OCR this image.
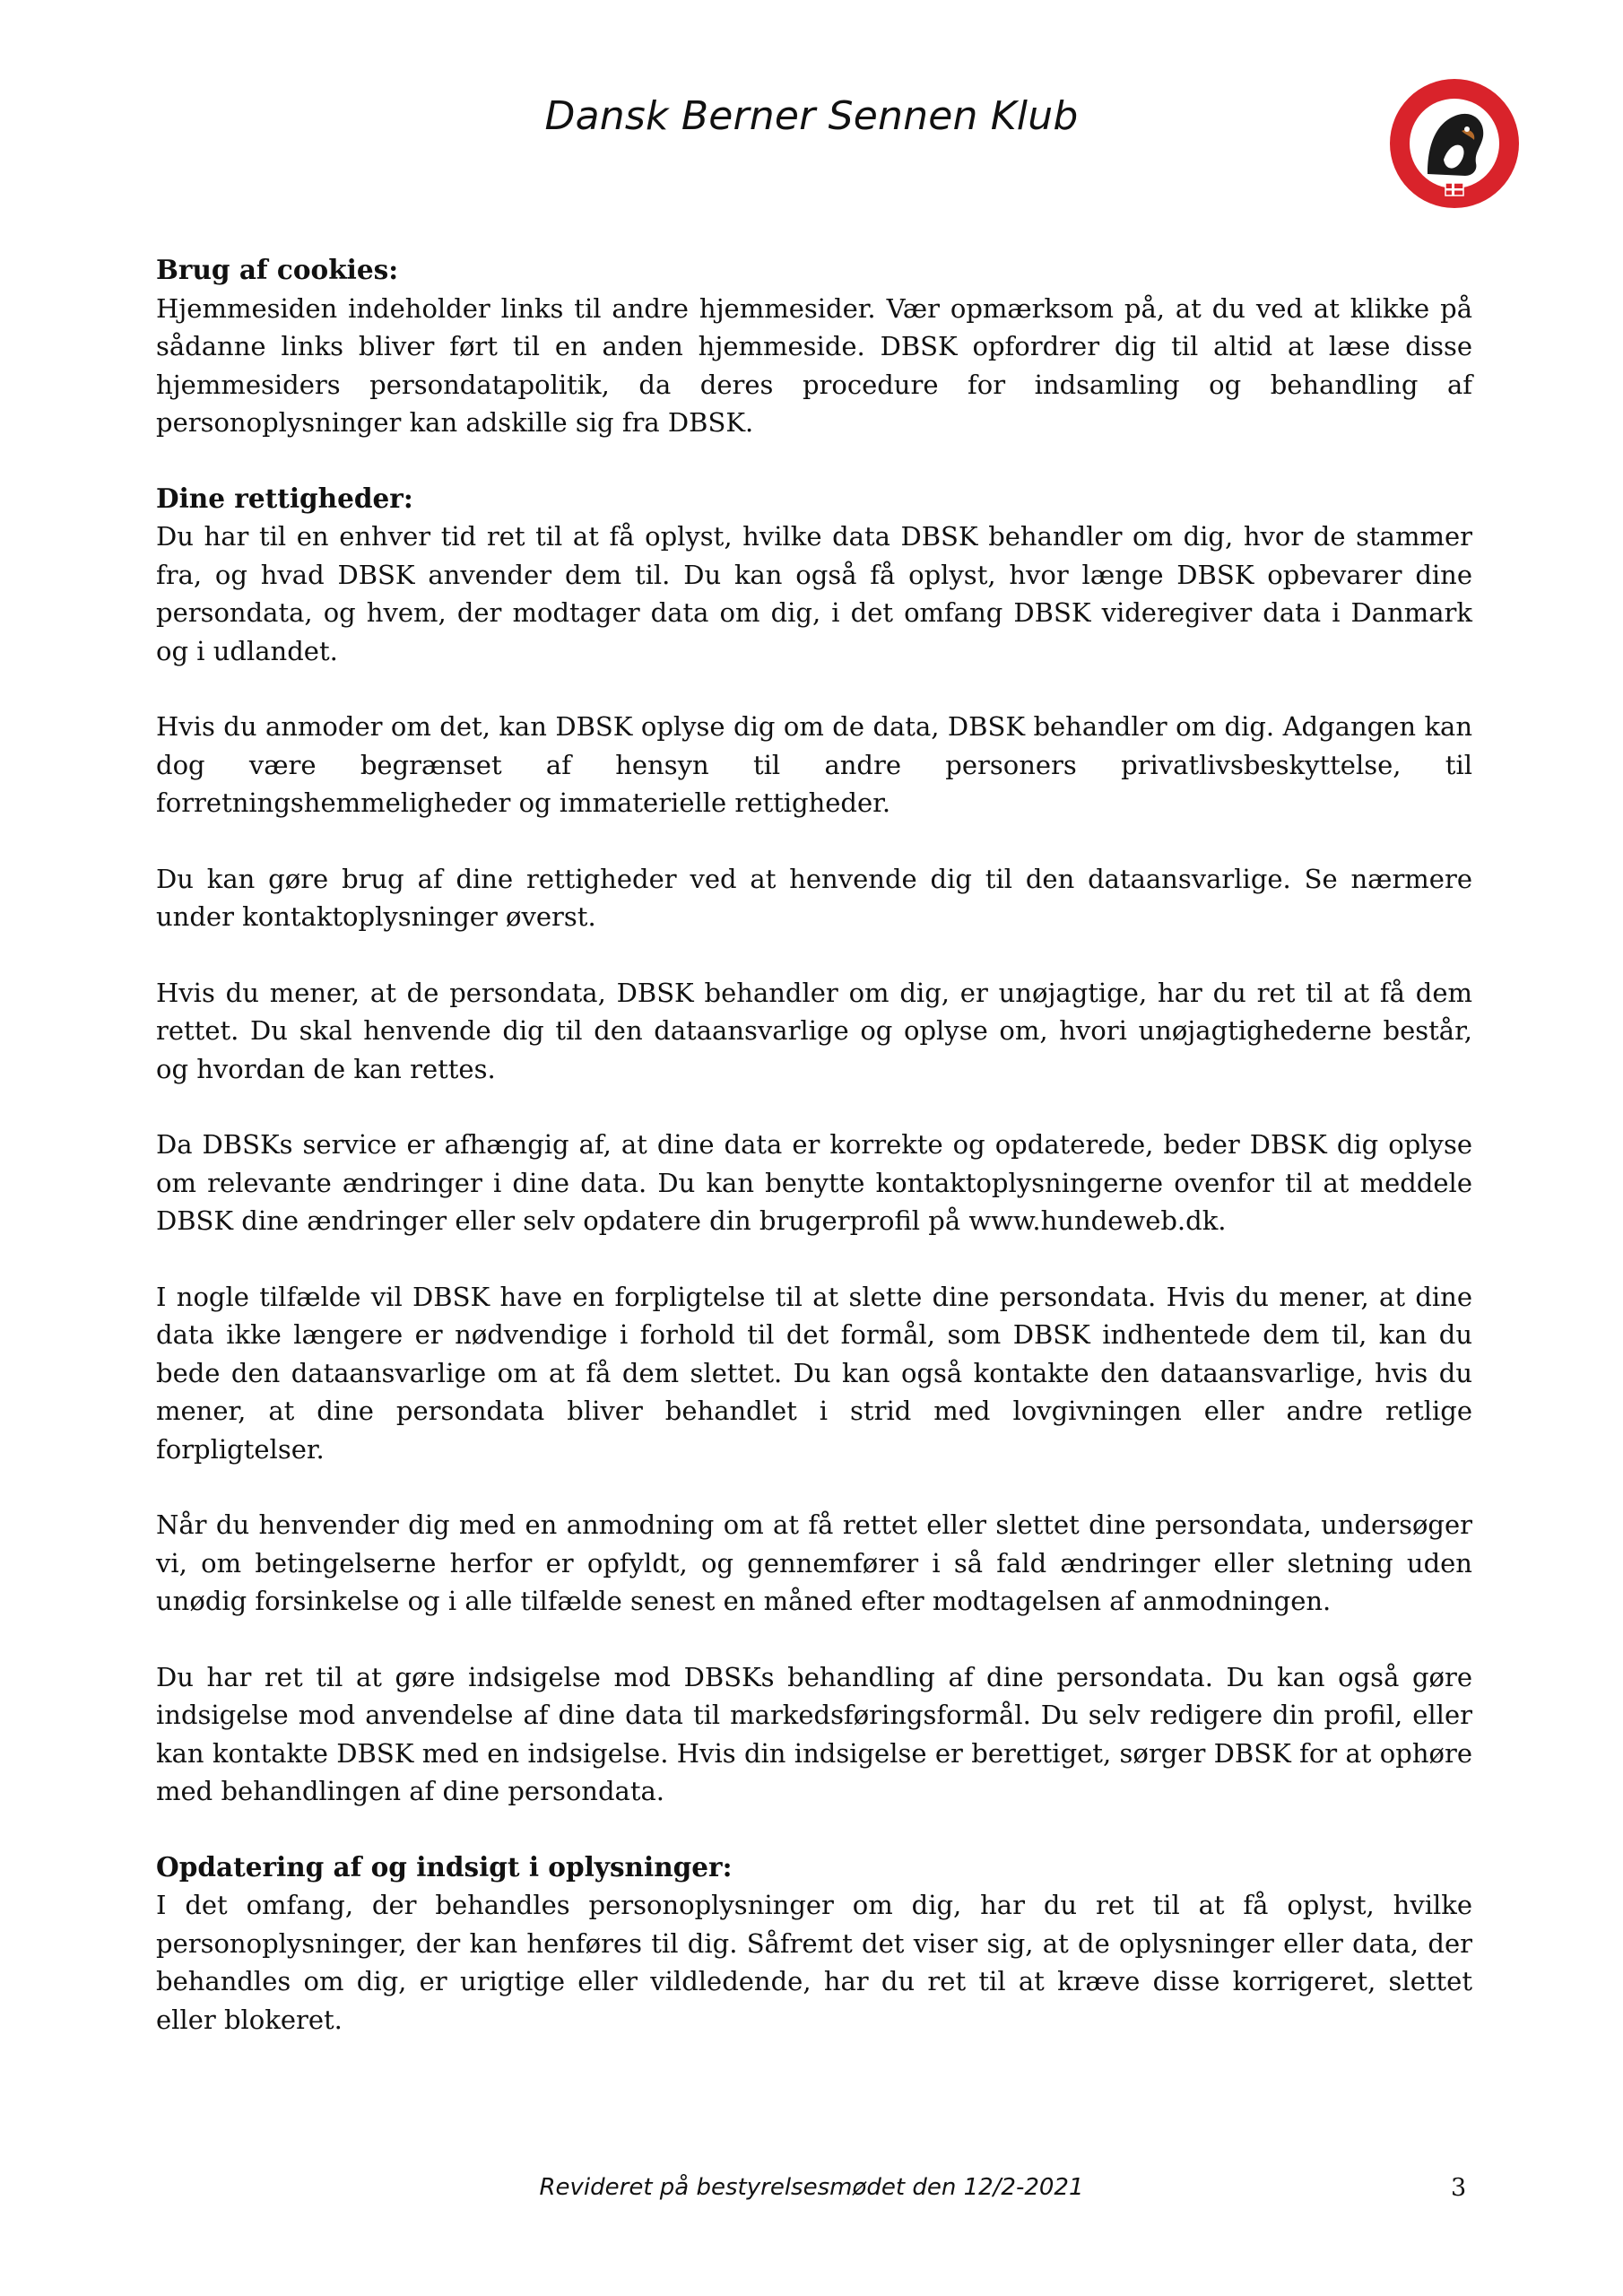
Dansk Berner Sennen Klub
Brug af cookies:

Hjemmesiden indeholder links til andre hjemmesider. Vær opmærksom på, at du ved at klikke på sådanne links bliver ført til en anden hjemmeside. DBSK opfordrer dig til altid at læse disse hjemmesiders persondatapolitik, da deres procedure for indsamling og behandling af personoplysninger kan adskille sig fra DBSK.

Dine rettigheder:

Du har til en enhver tid ret til at få oplyst, hvilke data DBSK behandler om dig, hvor de stammer fra, og hvad DBSK anvender dem til. Du kan også få oplyst, hvor længe DBSK opbevarer dine persondata, og hvem, der modtager data om dig, i det omfang DBSK videregiver data i Danmark og i udlandet.

Hvis du anmoder om det, kan DBSK oplyse dig om de data, DBSK behandler om dig. Adgangen kan dog være begrænset af hensyn til andre personers privatlivsbeskyttelse, til forretningshemmeligheder og immaterielle rettigheder.

Du kan gøre brug af dine rettigheder ved at henvende dig til den dataansvarlige. Se nærmere under kontaktoplysninger øverst.

Hvis du mener, at de persondata, DBSK behandler om dig, er unøjagtige, har du ret til at få dem rettet. Du skal henvende dig til den dataansvarlige og oplyse om, hvori unøjagtighederne består, og hvordan de kan rettes.

Da DBSKs service er afhængig af, at dine data er korrekte og opdaterede, beder DBSK dig oplyse om relevante ændringer i dine data. Du kan benytte kontaktoplysningerne ovenfor til at meddele DBSK dine ændringer eller selv opdatere din brugerprofil på www.hundeweb.dk.

I nogle tilfælde vil DBSK have en forpligtelse til at slette dine persondata. Hvis du mener, at dine data ikke længere er nødvendige i forhold til det formål, som DBSK indhentede dem til, kan du bede den dataansvarlige om at få dem slettet. Du kan også kontakte den dataansvarlige, hvis du mener, at dine persondata bliver behandlet i strid med lovgivningen eller andre retlige forpligtelser.

Når du henvender dig med en anmodning om at få rettet eller slettet dine persondata, undersøger vi, om betingelserne herfor er opfyldt, og gennemfører i så fald ændringer eller sletning uden unødig forsinkelse og i alle tilfælde senest en måned efter modtagelsen af anmodningen.

Du har ret til at gøre indsigelse mod DBSKs behandling af dine persondata. Du kan også gøre indsigelse mod anvendelse af dine data til markedsføringsformål. Du selv redigere din profil, eller kan kontakte DBSK med en indsigelse. Hvis din indsigelse er berettiget, sørger DBSK for at ophøre med behandlingen af dine persondata.

Opdatering af og indsigt i oplysninger:

I det omfang, der behandles personoplysninger om dig, har du ret til at få oplyst, hvilke personoplysninger, der kan henføres til dig. Såfremt det viser sig, at de oplysninger eller data, der behandles om dig, er urigtige eller vildledende, har du ret til at kræve disse korrigeret, slettet eller blokeret.

Revideret på bestyrelsesmødet den 12/2-2021	3
